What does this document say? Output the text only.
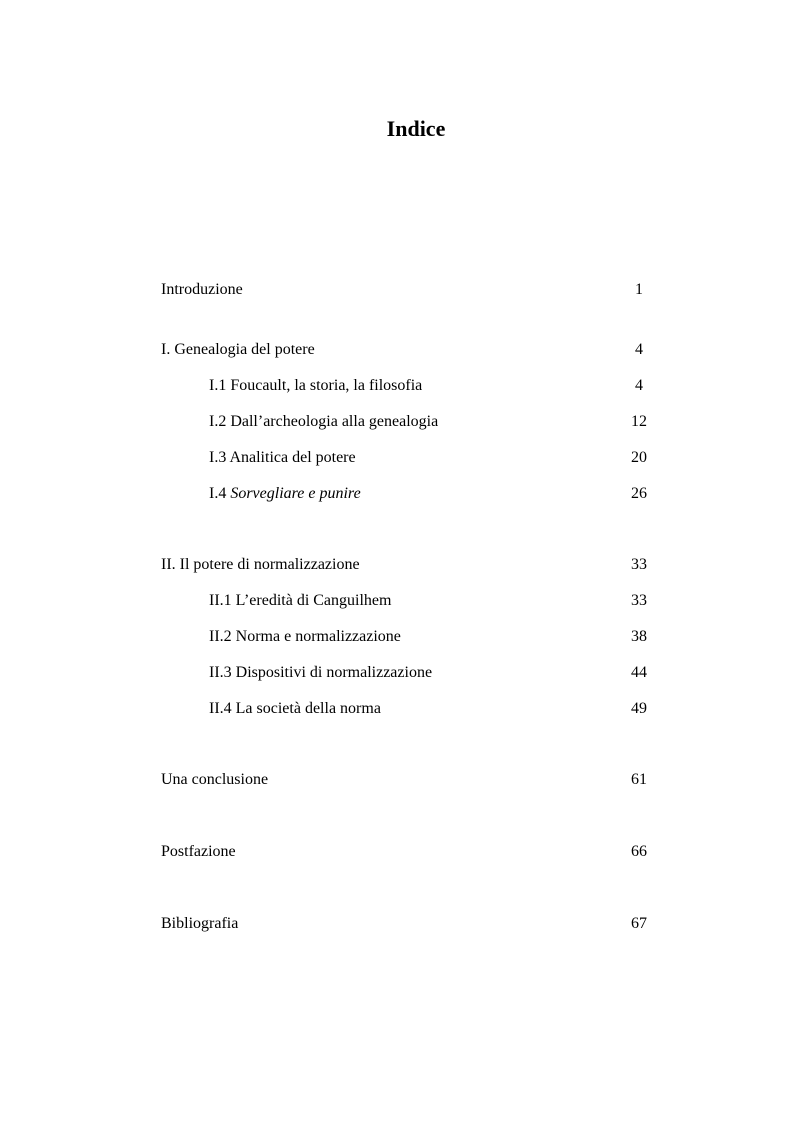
Indice
Introduzione	1
I. Genealogia del potere	4
I.1 Foucault, la storia, la filosofia	4
I.2 Dall’archeologia alla genealogia	12
I.3 Analitica del potere	20
I.4 Sorvegliare e punire	26
II. Il potere di normalizzazione	33
II.1 L’eredità di Canguilhem	33
II.2 Norma e normalizzazione	38
II.3 Dispositivi di normalizzazione	44
II.4 La società della norma	49
Una conclusione	61
Postfazione	66
Bibliografia	67
